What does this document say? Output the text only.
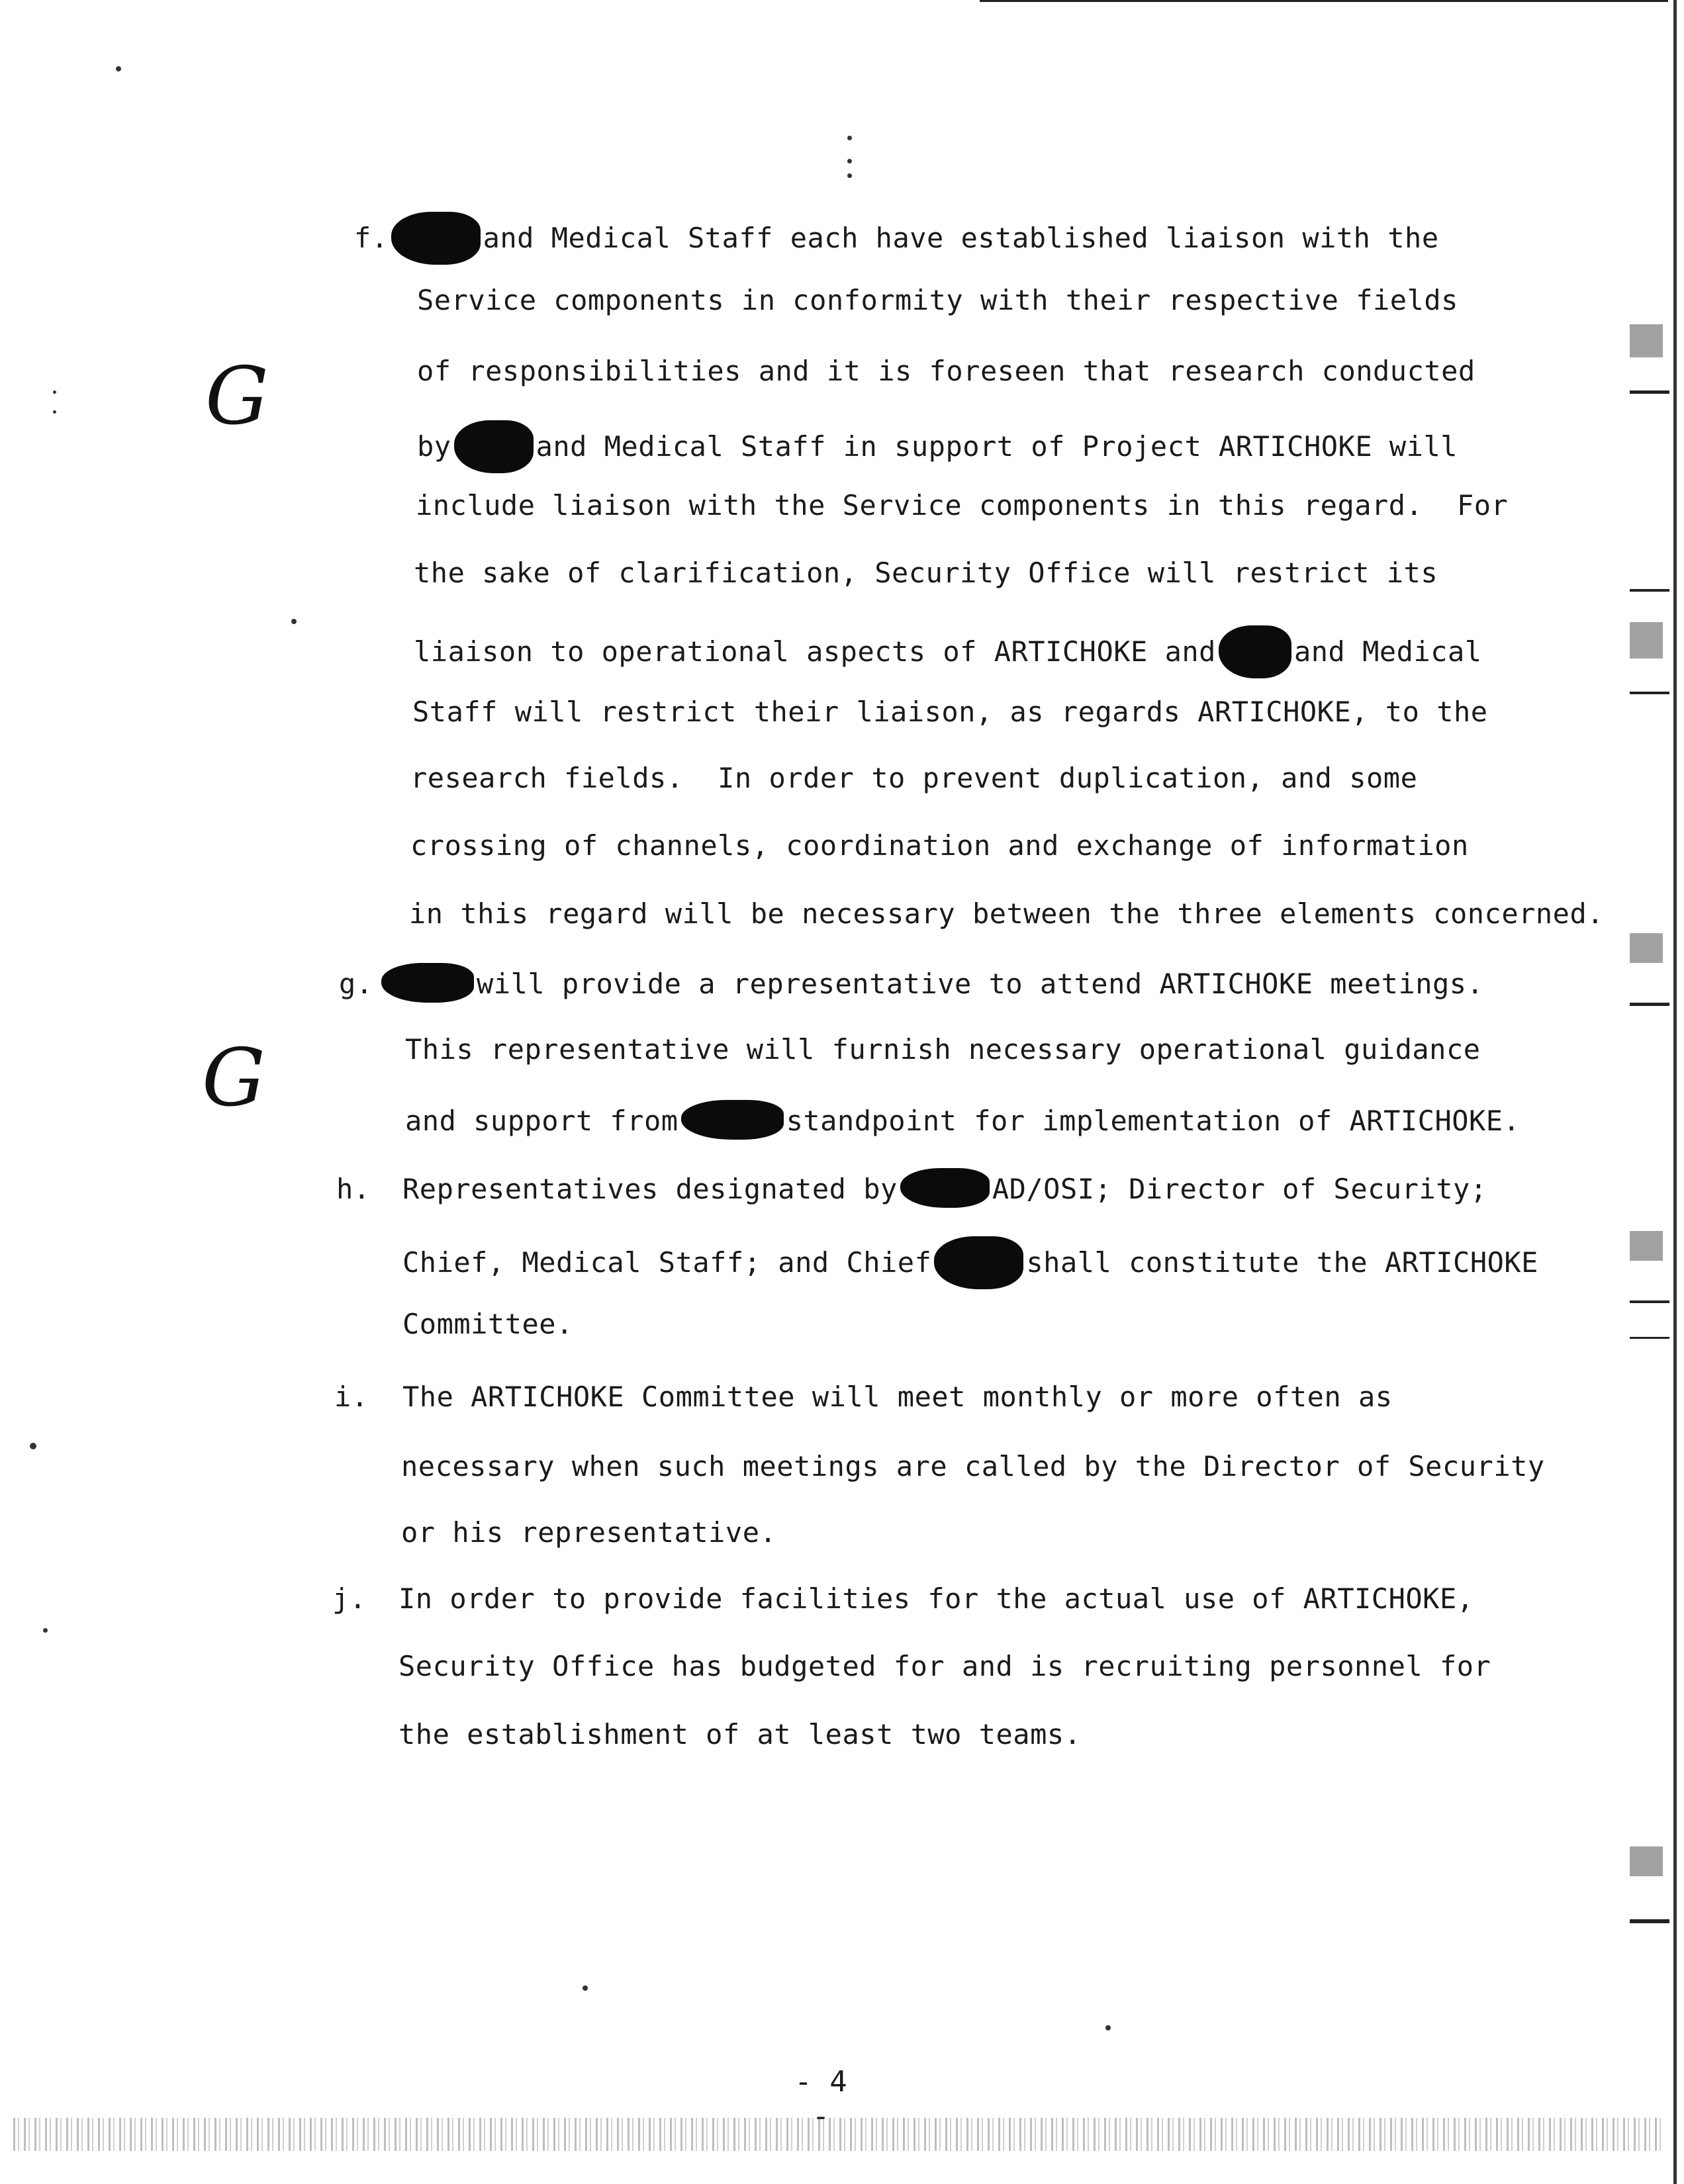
G
G
f.	and Medical Staff each have established liaison with the
Service components in conformity with their respective fields
of responsibilities and it is foreseen that research conducted
by	and Medical Staff in support of Project ARTICHOKE will
include liaison with the Service components in this regard.  For
the sake of clarification, Security Office will restrict its
liaison to operational aspects of ARTICHOKE and	and Medical
Staff will restrict their liaison, as regards ARTICHOKE, to the
research fields.  In order to prevent duplication, and some
crossing of channels, coordination and exchange of information
in this regard will be necessary between the three elements concerned.
g.	will provide a representative to attend ARTICHOKE meetings.
This representative will furnish necessary operational guidance
and support from	standpoint for implementation of ARTICHOKE.
h. Representatives designated by	AD/OSI; Director of Security;
Chief, Medical Staff; and Chief	shall constitute the ARTICHOKE
Committee.
i. The ARTICHOKE Committee will meet monthly or more often as
necessary when such meetings are called by the Director of Security
or his representative.
j. In order to provide facilities for the actual use of ARTICHOKE,
Security Office has budgeted for and is recruiting personnel for
the establishment of at least two teams.
- 4 -
